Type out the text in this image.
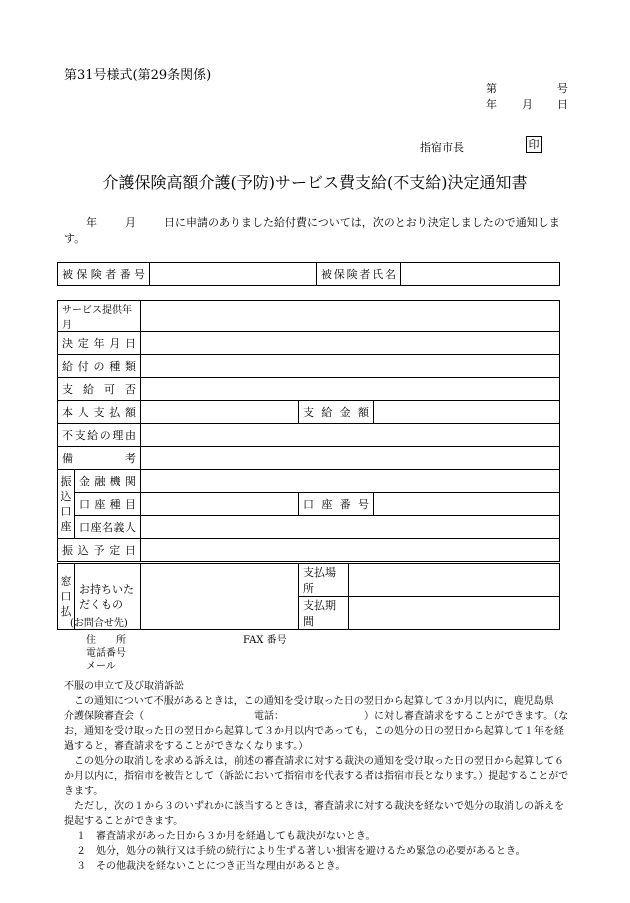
第31号様式(第29条関係)
第	号
年 月 日
指宿市長	印
介護保険高額介護(予防)サービス費支給(不支給)決定通知書
年	月	日に申請のありました給付費については，次のとおり決定しましたので通知します。
被保険者番号		被保険者氏名	
サービス提供年月				
決定年月日				
給付の種類				
支給可否				
本人支払額			支給金額	
不支給の理由				
備考				
振
込
口
座	金融機関			
	口座種目		口座番号	
	口座名義人			
振込予定日				
窓
口
払	お持ちいた
だくもの		支払場所	
			支払期間	
(お問合せ先)
住　　所	FAX 番号
電話番号
メール

不服の申立て及び取消訴訟

この通知について不服があるときは，この通知を受け取った日の翌日から起算して３か月以内に，鹿児島県　介護保険審査会（	電話：	）に対し審査請求をすることができます。（なお，通知を受け取った日の翌日から起算して３か月以内であっても，この処分の日の翌日から起算して１年を経過すると，審査請求をすることができなくなります。）

この処分の取消しを求める訴えは，前述の審査請求に対する裁決の通知を受け取った日の翌日から起算して６か月以内に，指宿市を被告として（訴訟において指宿市を代表する者は指宿市長となります。）提起することができます。

ただし，次の１から３のいずれかに該当するときは，審査請求に対する裁決を経ないで処分の取消しの訴えを提起することができます。

１　審査請求があった日から３か月を経過しても裁決がないとき。

２　処分，処分の執行又は手続の続行により生ずる著しい損害を避けるため緊急の必要があるとき。

３　その他裁決を経ないことにつき正当な理由があるとき。
